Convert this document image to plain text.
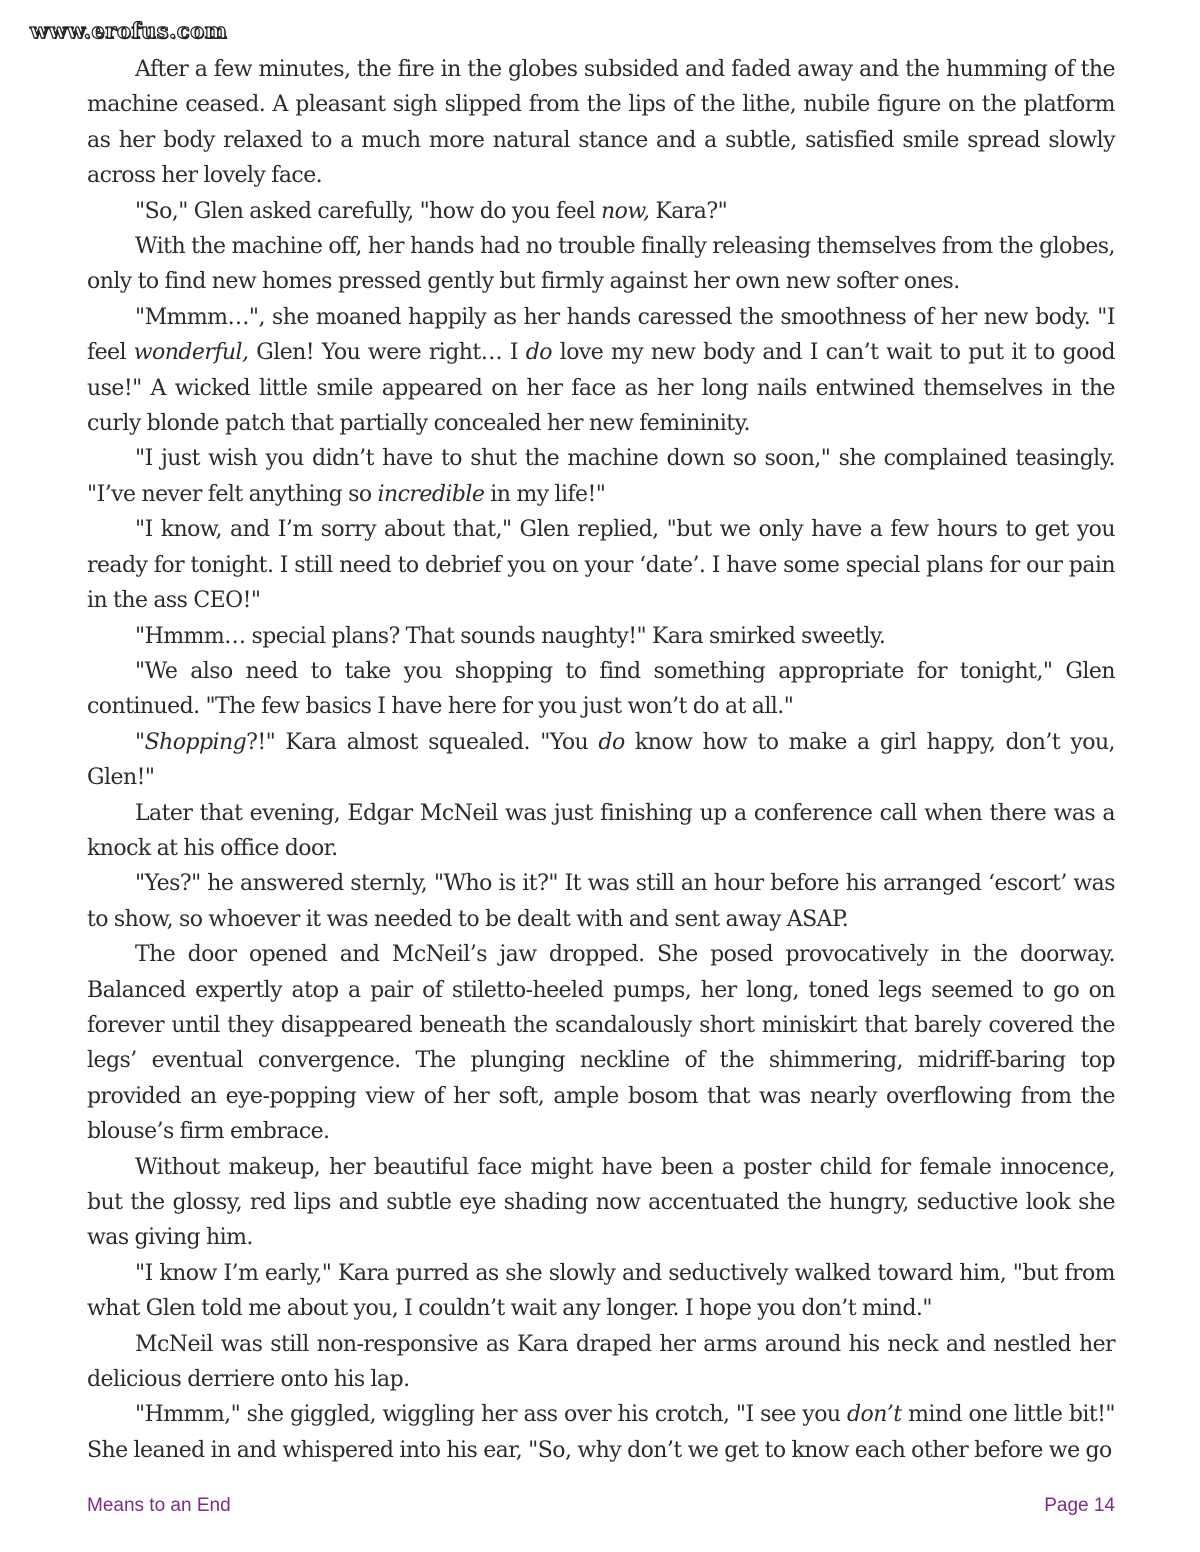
www.erofus.com

After a few minutes, the fire in the globes subsided and faded away and the humming of the machine ceased. A pleasant sigh slipped from the lips of the lithe, nubile figure on the platform as her body relaxed to a much more natural stance and a subtle, satisfied smile spread slowly across her lovely face.

"So," Glen asked carefully, "how do you feel now, Kara?"

With the machine off, her hands had no trouble finally releasing themselves from the globes, only to find new homes pressed gently but firmly against her own new softer ones.

"Mmmm…", she moaned happily as her hands caressed the smoothness of her new body. "I feel wonderful, Glen! You were right… I do love my new body and I can’t wait to put it to good use!" A wicked little smile appeared on her face as her long nails entwined themselves in the curly blonde patch that partially concealed her new femininity.

"I just wish you didn’t have to shut the machine down so soon," she complained teasingly. "I’ve never felt anything so incredible in my life!"

"I know, and I’m sorry about that," Glen replied, "but we only have a few hours to get you ready for tonight. I still need to debrief you on your ‘date’. I have some special plans for our pain in the ass CEO!"

"Hmmm… special plans? That sounds naughty!" Kara smirked sweetly.

"We also need to take you shopping to find something appropriate for tonight," Glen continued. "The few basics I have here for you just won’t do at all."

"Shopping?!" Kara almost squealed. "You do know how to make a girl happy, don’t you, Glen!"

Later that evening, Edgar McNeil was just finishing up a conference call when there was a knock at his office door.

"Yes?" he answered sternly, "Who is it?" It was still an hour before his arranged ‘escort’ was to show, so whoever it was needed to be dealt with and sent away ASAP.

The door opened and McNeil’s jaw dropped. She posed provocatively in the doorway. Balanced expertly atop a pair of stiletto-heeled pumps, her long, toned legs seemed to go on forever until they disappeared beneath the scandalously short miniskirt that barely covered the legs’ eventual convergence. The plunging neckline of the shimmering, midriff-baring top provided an eye-popping view of her soft, ample bosom that was nearly overflowing from the blouse’s firm embrace.

Without makeup, her beautiful face might have been a poster child for female innocence, but the glossy, red lips and subtle eye shading now accentuated the hungry, seductive look she was giving him.

"I know I’m early," Kara purred as she slowly and seductively walked toward him, "but from what Glen told me about you, I couldn’t wait any longer. I hope you don’t mind."

McNeil was still non-responsive as Kara draped her arms around his neck and nestled her delicious derriere onto his lap.

"Hmmm," she giggled, wiggling her ass over his crotch, "I see you don’t mind one little bit!" She leaned in and whispered into his ear, "So, why don’t we get to know each other before we go

Means to an End	Page 14
